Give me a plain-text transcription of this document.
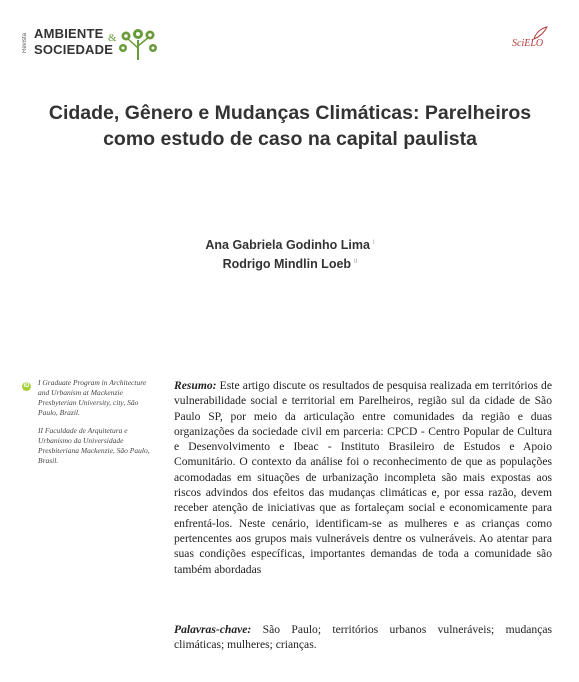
Revista AMBIENTE &
SOCIEDADE	SciELO
Cidade, Gênero e Mudanças Climáticas: Parelheiros como estudo de caso na capital paulista
Ana Gabriela Godinho Lima $^I$
Rodrigo Mindlin Loeb $^{II}$
iD I Graduate Program in Architecture and Urbanism at Mackenzie Presbyterian University, city, São Paulo, Brazil.

II Faculdade de Arquitetura e Urbanismo da Universidade Presbiteriana Mackenzie, São Paulo, Brasil.

Resumo: Este artigo discute os resultados de pesquisa realizada em territórios de vulnerabilidade social e territorial em Parelheiros, região sul da cidade de São Paulo SP, por meio da articulação entre comunidades da região e duas organizações da sociedade civil em parceria: CPCD - Centro Popular de Cultura e Desenvolvimento e Ibeac - Instituto Brasileiro de Estudos e Apoio Comunitário. O contexto da análise foi o reconhecimento de que as populações acomodadas em situações de urbanização incompleta são mais expostas aos riscos advindos dos efeitos das mudanças climáticas e, por essa razão, devem receber atenção de iniciativas que as fortaleçam social e economicamente para enfrentá-los. Neste cenário, identificam-se as mulheres e as crianças como pertencentes aos grupos mais vulneráveis dentre os vulneráveis. Ao atentar para suas condições específicas, importantes demandas de toda a comunidade são também abordadas

Palavras-chave: São Paulo; territórios urbanos vulneráveis; mudanças climáticas; mulheres; crianças.
